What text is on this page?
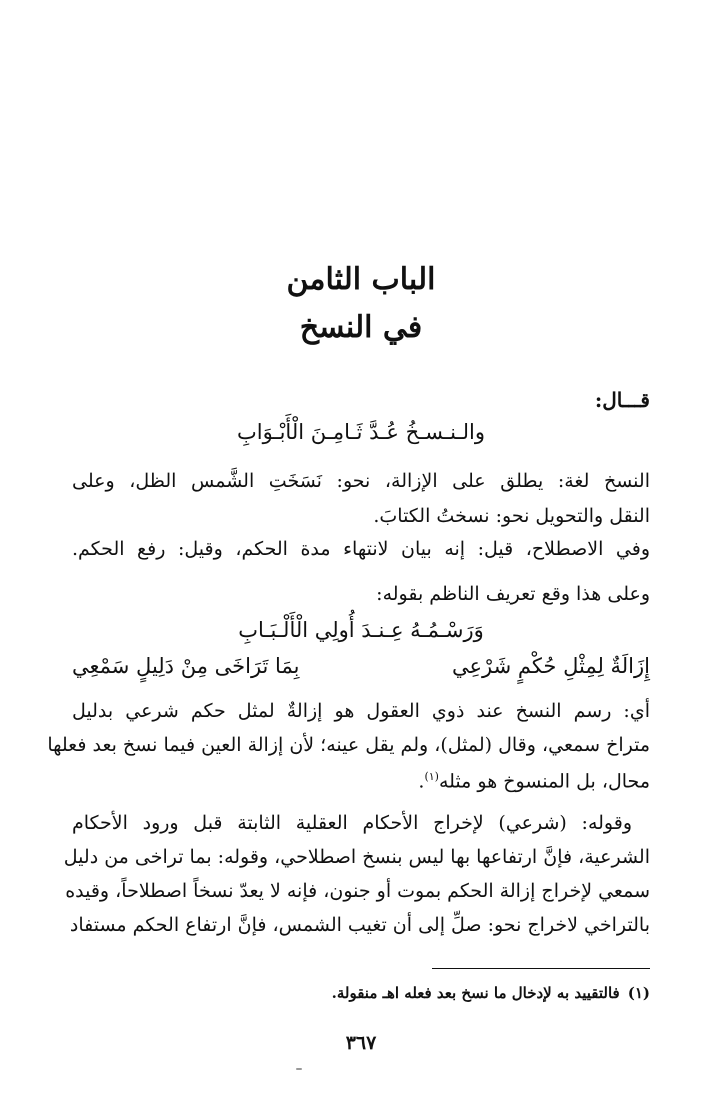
الباب الثامن
في النسخ
قـــال:
والـنـسـخُ عُـدَّ ثَـامِـنَ الْأَبْـوَابِ
النسخ لغة: يطلق على الإزالة، نحو: نَسَخَتِ الشَّمس الظل، وعلى
النقل والتحويل نحو: نسختُ الكتابَ.
وفي الاصطلاح، قيل: إنه بيان لانتهاء مدة الحكم، وقيل: رفع الحكم.
وعلى هذا وقع تعريف الناظم بقوله:
وَرَسْـمُـهُ عِـنـدَ أُولِي الْأَلْـبَـابِ
إِزَالَةٌ لِمِثْلِ حُكْمٍ شَرْعِي
بِمَا تَرَاخَى مِنْ دَلِيلٍ سَمْعِي
أي: رسم النسخ عند ذوي العقول هو إزالةٌ لمثل حكم شرعي بدليل
متراخ سمعي، وقال (لمثل)، ولم يقل عينه؛ لأن إزالة العين فيما نسخ بعد فعلها
محال، بل المنسوخ هو مثله$^{(١)}$.
وقوله: (شرعي) لإخراج الأحكام العقلية الثابتة قبل ورود الأحكام
الشرعية، فإنَّ ارتفاعها بها ليس بنسخ اصطلاحي، وقوله: بما تراخى من دليل
سمعي لإخراج إزالة الحكم بموت أو جنون، فإنه لا يعدّ نسخاً اصطلاحاً، وقيده
بالتراخي لاخراج نحو: صلِّ إلى أن تغيب الشمس، فإنَّ ارتفاع الحكم مستفاد
(١)فالتقييد به لإدخال ما نسخ بعد فعله اهـ منقولة.
٣٦٧
